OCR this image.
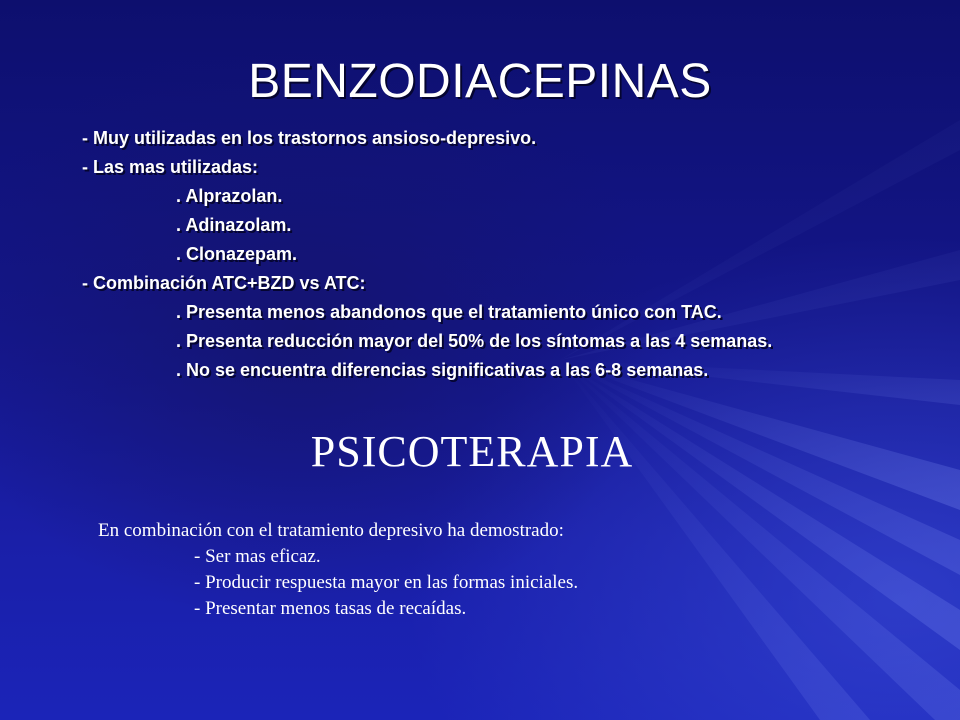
BENZODIACEPINAS
- Muy utilizadas en los trastornos ansioso-depresivo.
- Las mas utilizadas:
. Alprazolan.
. Adinazolam.
. Clonazepam.
- Combinación ATC+BZD vs ATC:
. Presenta menos abandonos que el tratamiento único con TAC.
. Presenta reducción mayor del 50% de los síntomas a las 4 semanas.
. No se encuentra diferencias significativas a las 6-8 semanas.
PSICOTERAPIA
En combinación con el tratamiento depresivo ha demostrado:
- Ser mas eficaz.
- Producir respuesta mayor en las formas iniciales.
- Presentar menos tasas de recaídas.
